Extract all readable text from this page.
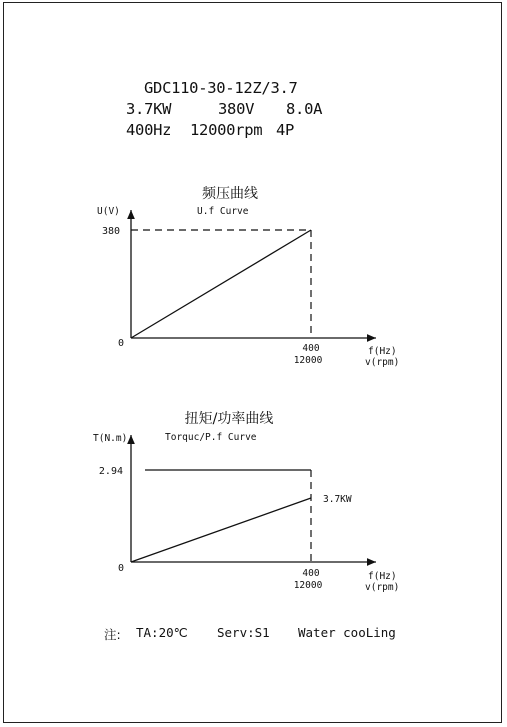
GDC110-30-12Z/3.7
3.7KW	380V 8.0A
400Hz 12000rpm 4P
频压曲线
U.f Curve
U(V)
0
380
400
12000
f(Hz)
v(rpm)
扭矩/功率曲线
Torquc/P.f Curve
T(N.m)
0
2.94
3.7KW
400
12000
f(Hz)
v(rpm)

注:

TA:20℃

Serv:S1

Water cooLing
